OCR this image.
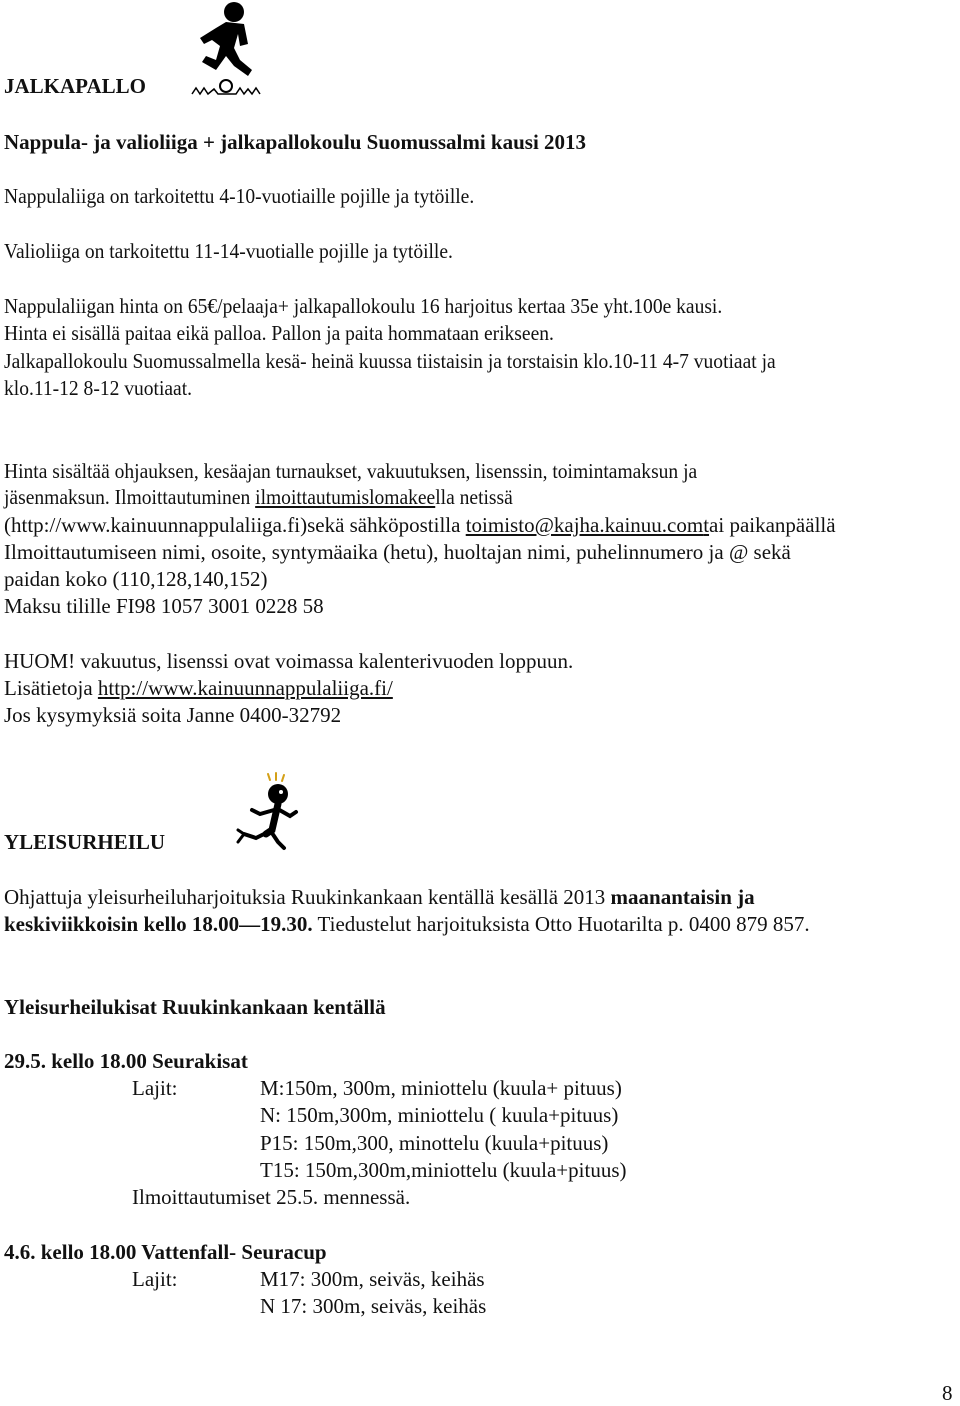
JALKAPALLO
Nappula- ja valioliiga + jalkapallokoulu Suomussalmi kausi 2013
Nappulaliiga on tarkoitettu 4-10-vuotiaille pojille ja tytöille.
Valioliiga on tarkoitettu 11-14-vuotialle pojille ja tytöille.
Nappulaliigan hinta on 65€/pelaaja+ jalkapallokoulu 16 harjoitus kertaa 35e yht.100e kausi.
Hinta ei sisällä paitaa eikä palloa. Pallon ja paita hommataan erikseen.
Jalkapallokoulu Suomussalmella kesä- heinä kuussa tiistaisin ja torstaisin klo.10-11 4-7 vuotiaat ja
klo.11-12 8-12 vuotiaat.
Hinta sisältää ohjauksen, kesäajan turnaukset, vakuutuksen, lisenssin, toimintamaksun ja
jäsenmaksun. Ilmoittautuminen ilmoittautumislomakeella netissä
(http://www.kainuunnappulaliiga.fi)sekä sähköpostilla toimisto@kajha.kainuu.comtai paikanpäällä
Ilmoittautumiseen nimi, osoite, syntymäaika (hetu), huoltajan nimi, puhelinnumero ja @ sekä
paidan koko (110,128,140,152)
Maksu tilille FI98 1057 3001 0228 58
HUOM! vakuutus, lisenssi ovat voimassa kalenterivuoden loppuun.
Lisätietoja http://www.kainuunnappulaliiga.fi/
Jos kysymyksiä soita Janne 0400-32792
YLEISURHEILU
Ohjattuja yleisurheiluharjoituksia Ruukinkankaan kentällä kesällä 2013 maanantaisin ja
keskiviikkoisin kello 18.00—19.30. Tiedustelut harjoituksista Otto Huotarilta p. 0400 879 857.
Yleisurheilukisat Ruukinkankaan kentällä
29.5. kello 18.00 Seurakisat
Lajit:	M:150m, 300m, miniottelu (kuula+ pituus)
N: 150m,300m, miniottelu ( kuula+pituus)
P15: 150m,300, minottelu (kuula+pituus)
T15: 150m,300m,miniottelu (kuula+pituus)
Ilmoittautumiset 25.5. mennessä.
4.6. kello 18.00 Vattenfall- Seuracup
Lajit:	M17: 300m, seiväs, keihäs
N 17: 300m, seiväs, keihäs
8
